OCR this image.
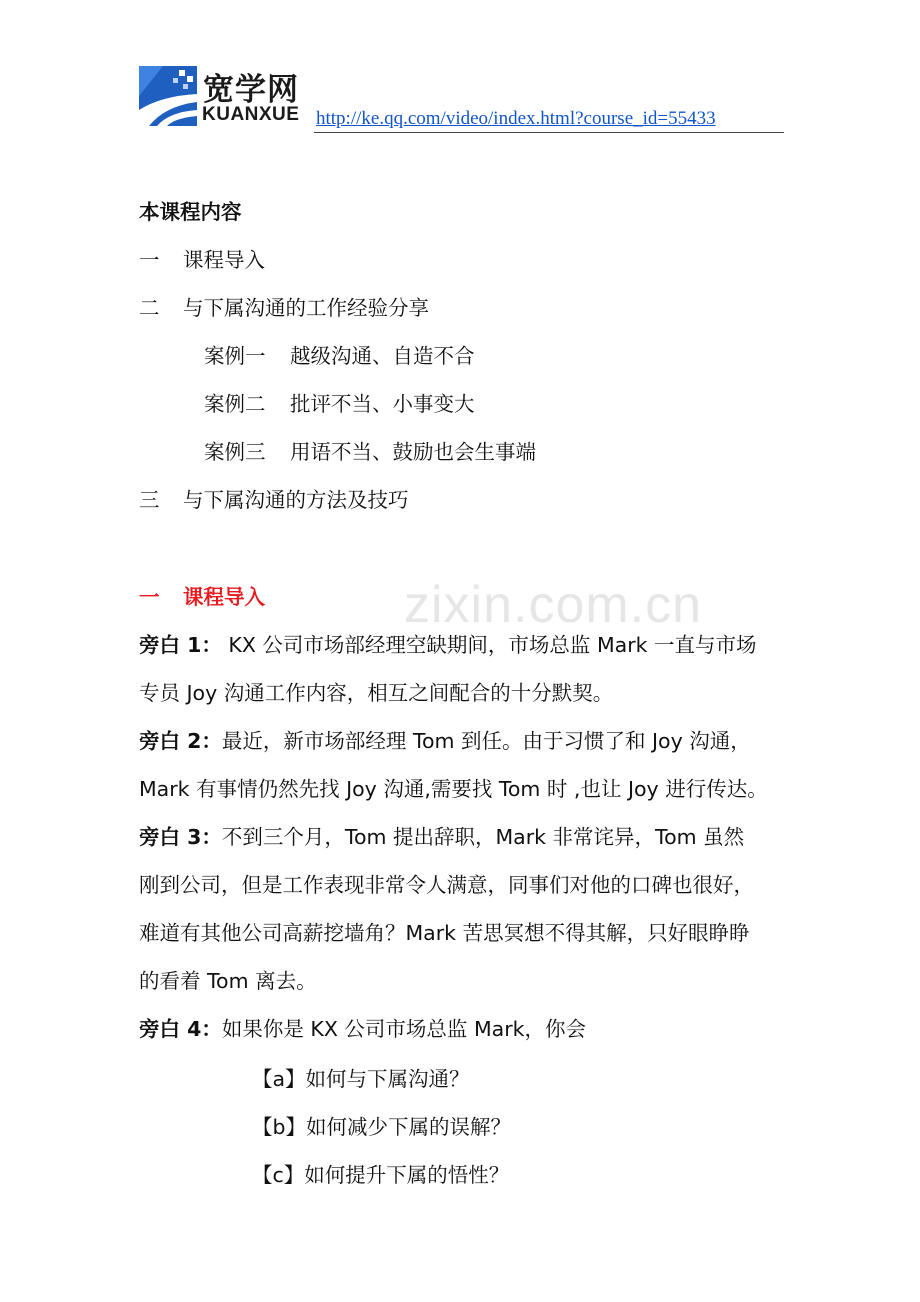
宽学网
KUANXUE http://ke.qq.com/video/index.html?course_id=55433
zixin.com.cn
本课程内容
一 课程导入
二 与下属沟通的工作经验分享
案例一 越级沟通、自造不合
案例二 批评不当、小事变大
案例三 用语不当、鼓励也会生事端
三 与下属沟通的方法及技巧
一 课程导入
旁白 1： KX 公司市场部经理空缺期间，市场总监 Mark 一直与市场
专员 Joy 沟通工作内容，相互之间配合的十分默契。
旁白 2：最近，新市场部经理 Tom 到任。由于习惯了和 Joy 沟通，
Mark 有事情仍然先找 Joy 沟通,需要找 Tom 时 ,也让 Joy 进行传达。
旁白 3：不到三个月，Tom 提出辞职，Mark 非常诧异，Tom 虽然
刚到公司，但是工作表现非常令人满意，同事们对他的口碑也很好，
难道有其他公司高薪挖墙角？Mark 苦思冥想不得其解，只好眼睁睁
的看着 Tom 离去。
旁白 4：如果你是 KX 公司市场总监 Mark，你会
【a】如何与下属沟通？
【b】如何减少下属的误解？
【c】如何提升下属的悟性？
